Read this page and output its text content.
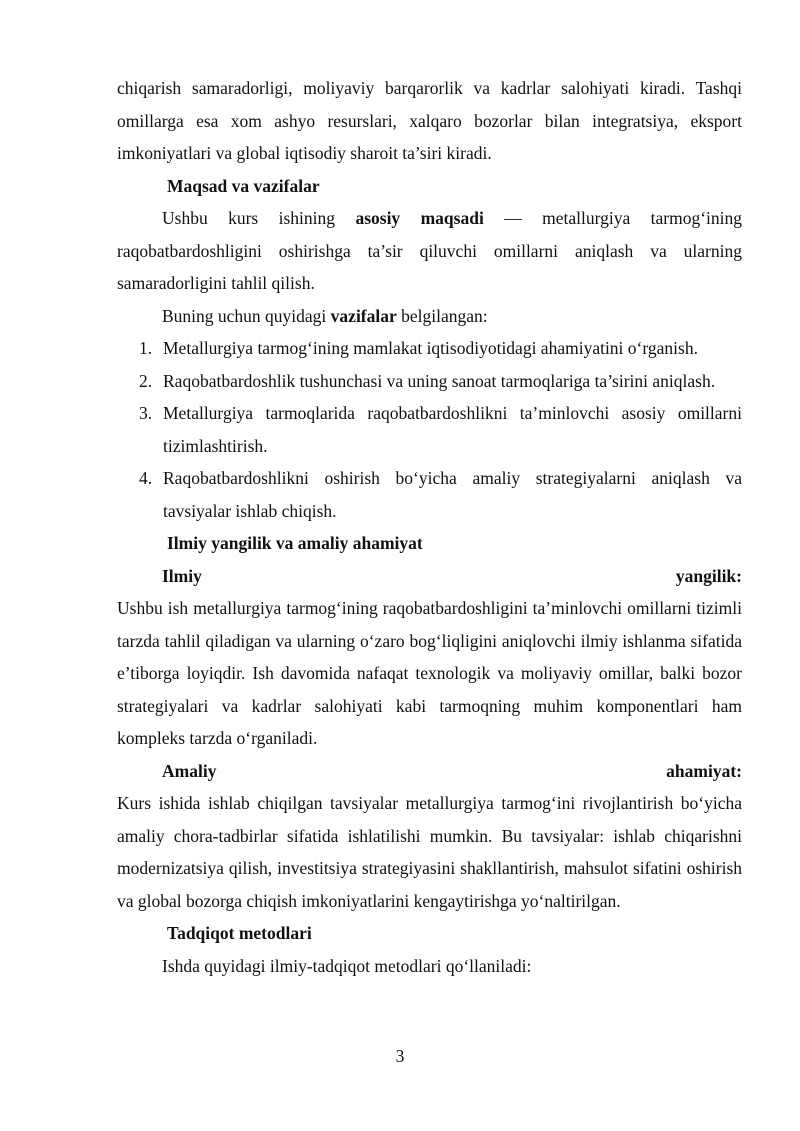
chiqarish samaradorligi, moliyaviy barqarorlik va kadrlar salohiyati kiradi. Tashqi omillarga esa xom ashyo resurslari, xalqaro bozorlar bilan integratsiya, eksport imkoniyatlari va global iqtisodiy sharoit ta’siri kiradi.

Maqsad va vazifalar

Ushbu kurs ishining asosiy maqsadi — metallurgiya tarmog‘ining raqobatbardoshligini oshirishga ta’sir qiluvchi omillarni aniqlash va ularning samaradorligini tahlil qilish.

Buning uchun quyidagi vazifalar belgilangan:

1. Metallurgiya tarmog‘ining mamlakat iqtisodiyotidagi ahamiyatini o‘rganish.
2. Raqobatbardoshlik tushunchasi va uning sanoat tarmoqlariga ta’sirini aniqlash.
3. Metallurgiya tarmoqlarida raqobatbardoshlikni ta’minlovchi asosiy omillarni tizimlashtirish.
4. Raqobatbardoshlikni oshirish bo‘yicha amaliy strategiyalarni aniqlash va tavsiyalar ishlab chiqish.
Ilmiy yangilik va amaliy ahamiyat
Ilmiy	yangilik:

Ushbu ish metallurgiya tarmog‘ining raqobatbardoshligini ta’minlovchi omillarni tizimli tarzda tahlil qiladigan va ularning o‘zaro bog‘liqligini aniqlovchi ilmiy ishlanma sifatida e’tiborga loyiqdir. Ish davomida nafaqat texnologik va moliyaviy omillar, balki bozor strategiyalari va kadrlar salohiyati kabi tarmoqning muhim komponentlari ham kompleks tarzda o‘rganiladi.

Amaliy	ahamiyat:

Kurs ishida ishlab chiqilgan tavsiyalar metallurgiya tarmog‘ini rivojlantirish bo‘yicha amaliy chora-tadbirlar sifatida ishlatilishi mumkin. Bu tavsiyalar: ishlab chiqarishni modernizatsiya qilish, investitsiya strategiyasini shakllantirish, mahsulot sifatini oshirish va global bozorga chiqish imkoniyatlarini kengaytirishga yo‘naltirilgan.

Tadqiqot metodlari

Ishda quyidagi ilmiy-tadqiqot metodlari qo‘llaniladi:

3
